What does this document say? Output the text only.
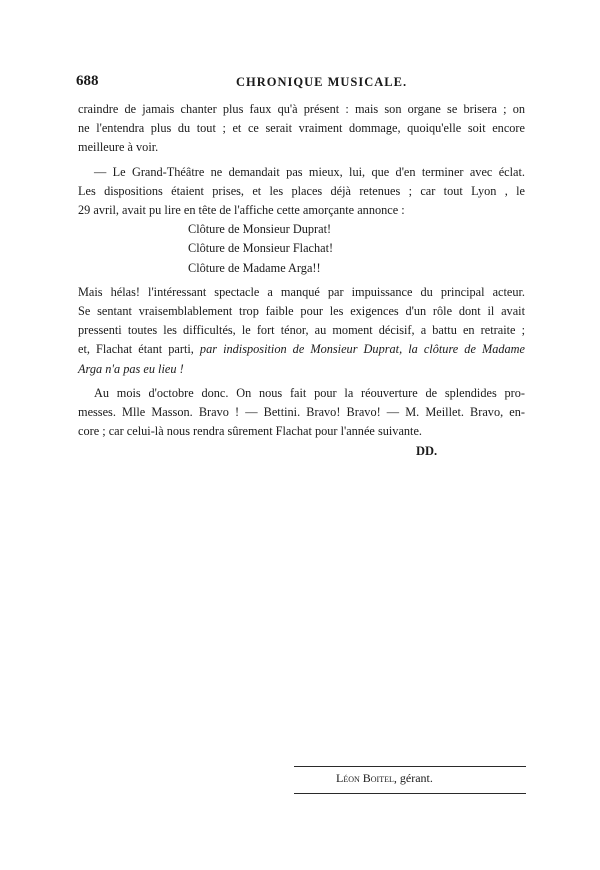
688	CHRONIQUE MUSICALE.

craindre de jamais chanter plus faux qu'à présent : mais son organe se brisera ; on
ne l'entendra plus du tout ; et ce serait vraiment dommage, quoiqu'elle soit encore
meilleure à voir.

— Le Grand-Théâtre ne demandait pas mieux, lui, que d'en terminer avec éclat.
Les dispositions étaient prises, et les places déjà retenues ; car tout Lyon , le
29 avril, avait pu lire en tête de l'affiche cette amorçante annonce :
Clôture de Monsieur Duprat!
Clôture de Monsieur Flachat!
Clôture de Madame Arga!!

Mais hélas! l'intéressant spectacle a manqué par impuissance du principal acteur.
Se sentant vraisemblablement trop faible pour les exigences d'un rôle dont il avait
pressenti toutes les difficultés, le fort ténor, au moment décisif, a battu en retraite ;
et, Flachat étant parti, par indisposition de Monsieur Duprat, la clôture de Madame
Arga n'a pas eu lieu !

Au mois d'octobre donc. On nous fait pour la réouverture de splendides pro-
messes. Mlle Masson. Bravo ! — Bettini. Bravo! Bravo! — M. Meillet. Bravo, en-
core ; car celui-là nous rendra sûrement Flachat pour l'année suivante.

DD.
Léon Boitel, gérant.
